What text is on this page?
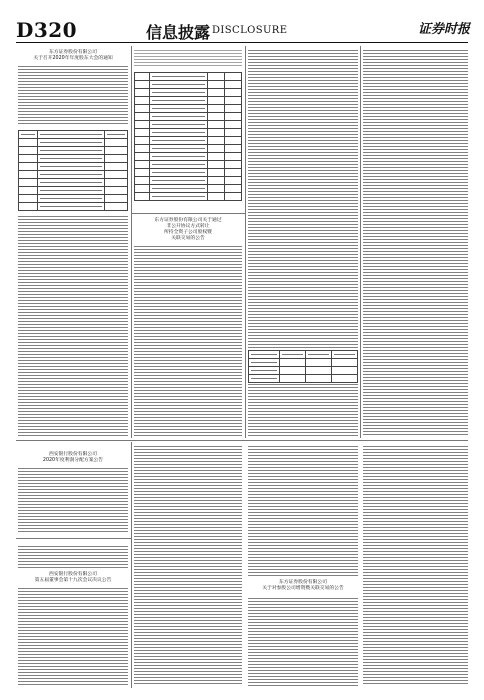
D320	信息披露 DISCLOSURE	证券时报
东方证券股份有限公司
关于召开2020年年度股东大会的通知

东方证券股份有限公司关于通过
非公开协议方式转让
所持全资子公司股权暨
关联交易的公告

西安银行股份有限公司
2020年度利润分配方案公告
西安银行股份有限公司
第五届董事会第十九次会议决议公告	东方证券股份有限公司
关于对参股公司增资暨关联交易的公告
